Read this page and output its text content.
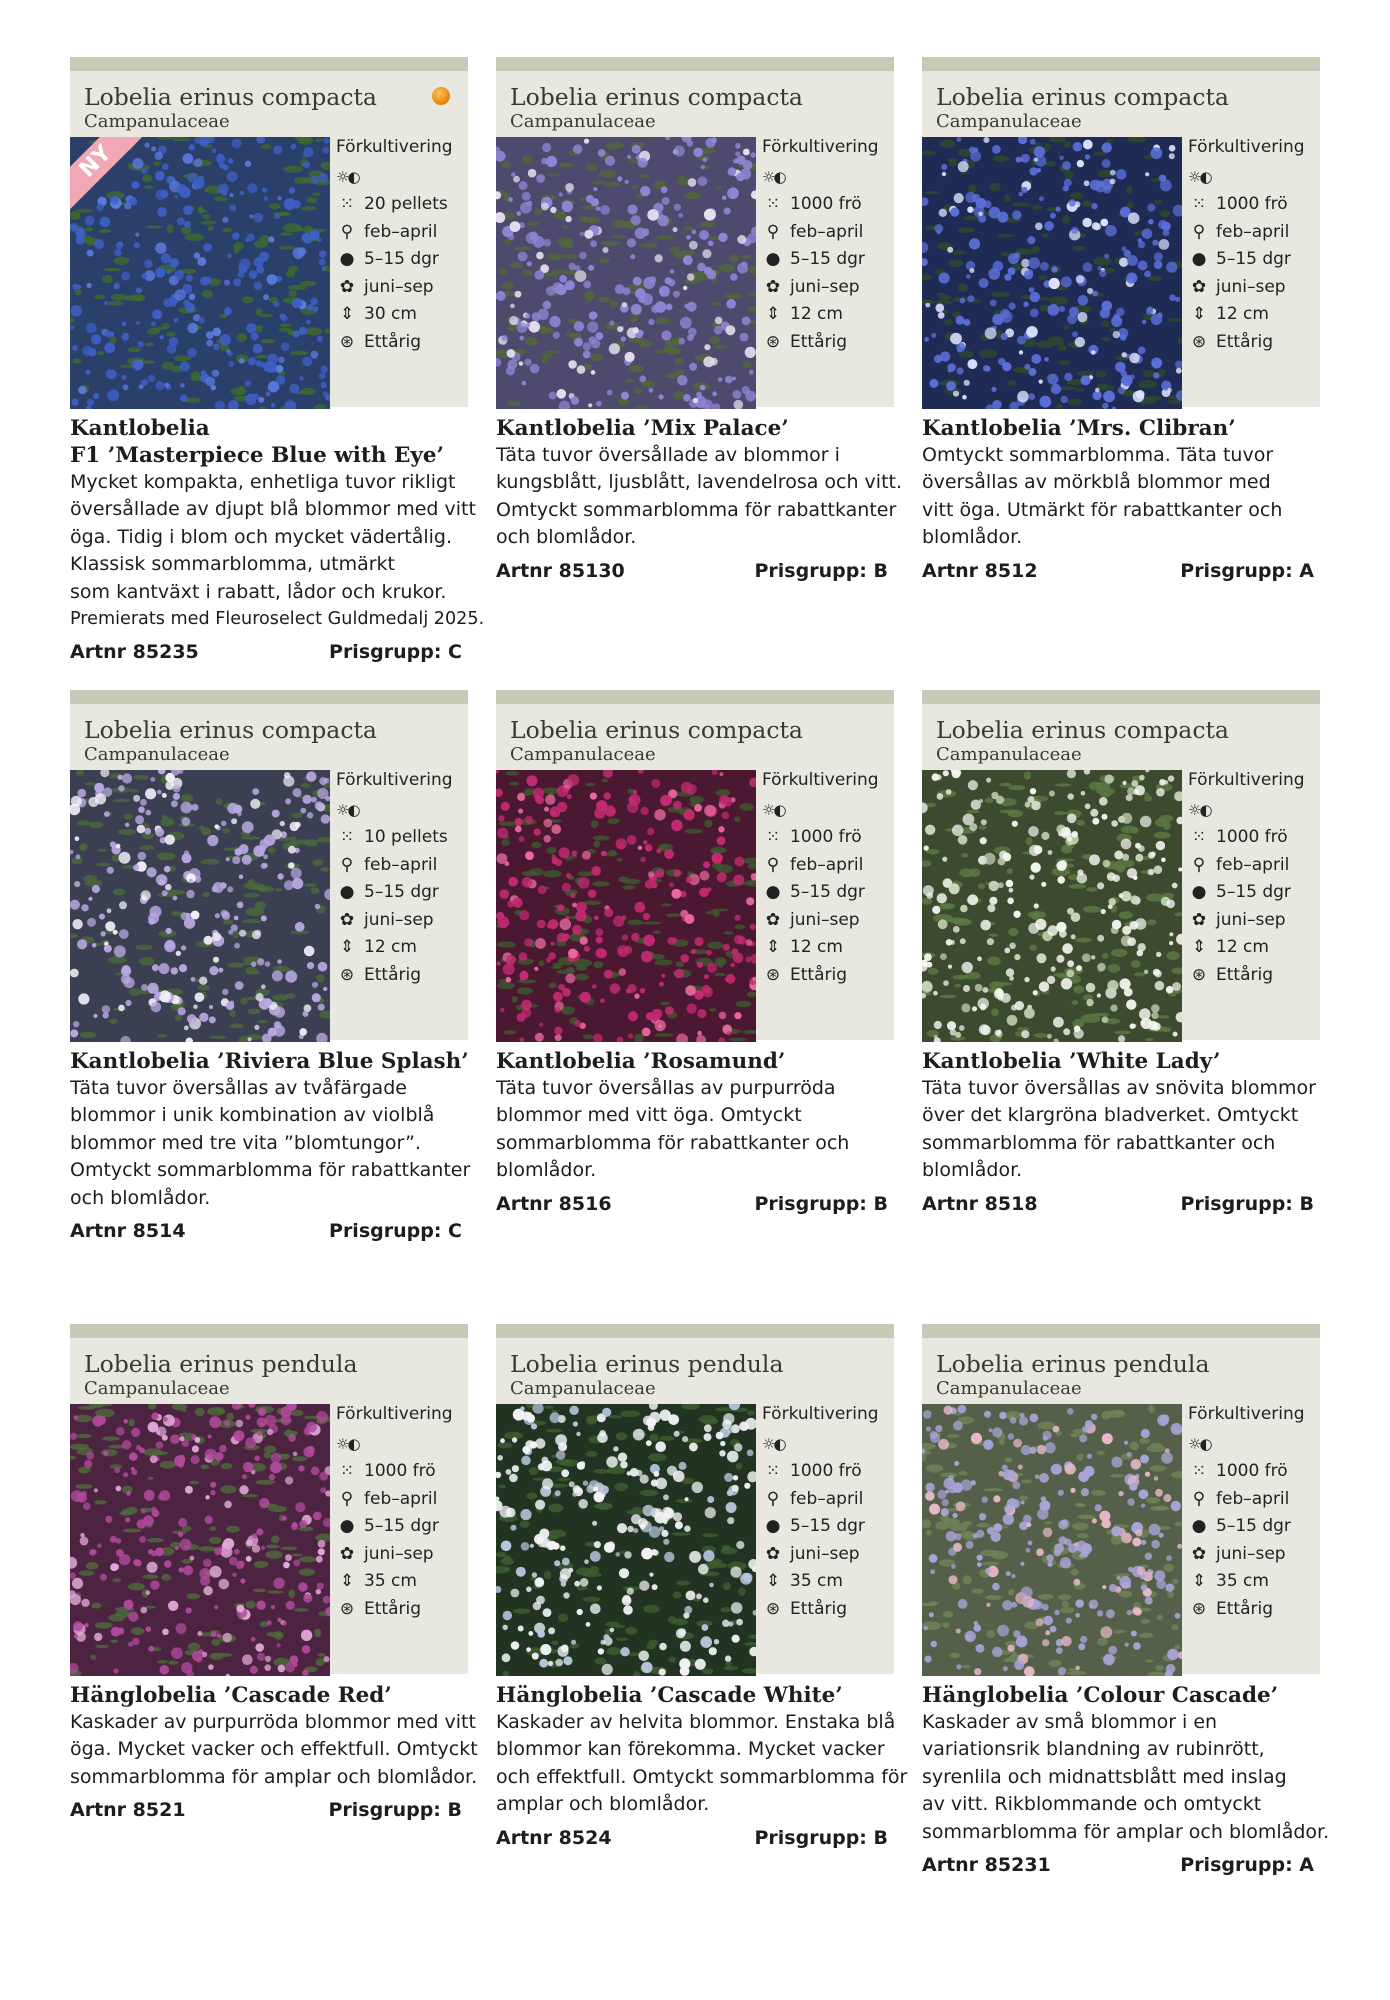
Lobelia erinus compacta
Campanulaceae
NY	Förkultivering
☼◐
⁙ 20 pellets
⚲ feb–april
● 5–15 dgr
✿ juni–sep
⇕ 30 cm
⊛ Ettårig
Kantlobelia
F1 ’Masterpiece Blue with Eye’
Mycket kompakta, enhetliga tuvor rikligt
översållade av djupt blå blommor med vitt
öga. Tidig i blom och mycket vädertålig.
Klassisk sommarblomma, utmärkt
som kantväxt i rabatt, lådor och krukor.
Premierats med Fleuroselect Guldmedalj 2025.
Artnr 85235	Prisgrupp: C
Lobelia erinus compacta
Campanulaceae
Förkultivering
☼◐
⁙ 1000 frö
⚲ feb–april
● 5–15 dgr
✿ juni–sep
⇕ 12 cm
⊛ Ettårig
Kantlobelia ’Mix Palace’
Täta tuvor översållade av blommor i
kungsblått, ljusblått, lavendelrosa och vitt.
Omtyckt sommarblomma för rabattkanter
och blomlådor.
Artnr 85130	Prisgrupp: B
Lobelia erinus compacta
Campanulaceae
Förkultivering
☼◐
⁙ 1000 frö
⚲ feb–april
● 5–15 dgr
✿ juni–sep
⇕ 12 cm
⊛ Ettårig
Kantlobelia ’Mrs. Clibran’
Omtyckt sommarblomma. Täta tuvor
översållas av mörkblå blommor med
vitt öga. Utmärkt för rabattkanter och
blomlådor.
Artnr 8512	Prisgrupp: A
Lobelia erinus compacta
Campanulaceae
Förkultivering
☼◐
⁙ 10 pellets
⚲ feb–april
● 5–15 dgr
✿ juni–sep
⇕ 12 cm
⊛ Ettårig
Kantlobelia ’Riviera Blue Splash’
Täta tuvor översållas av tvåfärgade
blommor i unik kombination av violblå
blommor med tre vita ”blomtungor”.
Omtyckt sommarblomma för rabattkanter
och blomlådor.
Artnr 8514	Prisgrupp: C
Lobelia erinus compacta
Campanulaceae
Förkultivering
☼◐
⁙ 1000 frö
⚲ feb–april
● 5–15 dgr
✿ juni–sep
⇕ 12 cm
⊛ Ettårig
Kantlobelia ’Rosamund’
Täta tuvor översållas av purpurröda
blommor med vitt öga. Omtyckt
sommarblomma för rabattkanter och
blomlådor.
Artnr 8516	Prisgrupp: B
Lobelia erinus compacta
Campanulaceae
Förkultivering
☼◐
⁙ 1000 frö
⚲ feb–april
● 5–15 dgr
✿ juni–sep
⇕ 12 cm
⊛ Ettårig
Kantlobelia ’White Lady’
Täta tuvor översållas av snövita blommor
över det klargröna bladverket. Omtyckt
sommarblomma för rabattkanter och
blomlådor.
Artnr 8518	Prisgrupp: B
Lobelia erinus pendula
Campanulaceae
Förkultivering
☼◐
⁙ 1000 frö
⚲ feb–april
● 5–15 dgr
✿ juni–sep
⇕ 35 cm
⊛ Ettårig
Hänglobelia ’Cascade Red’
Kaskader av purpurröda blommor med vitt
öga. Mycket vacker och effektfull. Omtyckt
sommarblomma för amplar och blomlådor.
Artnr 8521	Prisgrupp: B
Lobelia erinus pendula
Campanulaceae
Förkultivering
☼◐
⁙ 1000 frö
⚲ feb–april
● 5–15 dgr
✿ juni–sep
⇕ 35 cm
⊛ Ettårig
Hänglobelia ’Cascade White’
Kaskader av helvita blommor. Enstaka blå
blommor kan förekomma. Mycket vacker
och effektfull. Omtyckt sommarblomma för
amplar och blomlådor.
Artnr 8524	Prisgrupp: B
Lobelia erinus pendula
Campanulaceae
Förkultivering
☼◐
⁙ 1000 frö
⚲ feb–april
● 5–15 dgr
✿ juni–sep
⇕ 35 cm
⊛ Ettårig
Hänglobelia ’Colour Cascade’
Kaskader av små blommor i en
variationsrik blandning av rubinrött,
syrenlila och midnattsblått med inslag
av vitt. Rikblommande och omtyckt
sommarblomma för amplar och blomlådor.
Artnr 85231	Prisgrupp: A
